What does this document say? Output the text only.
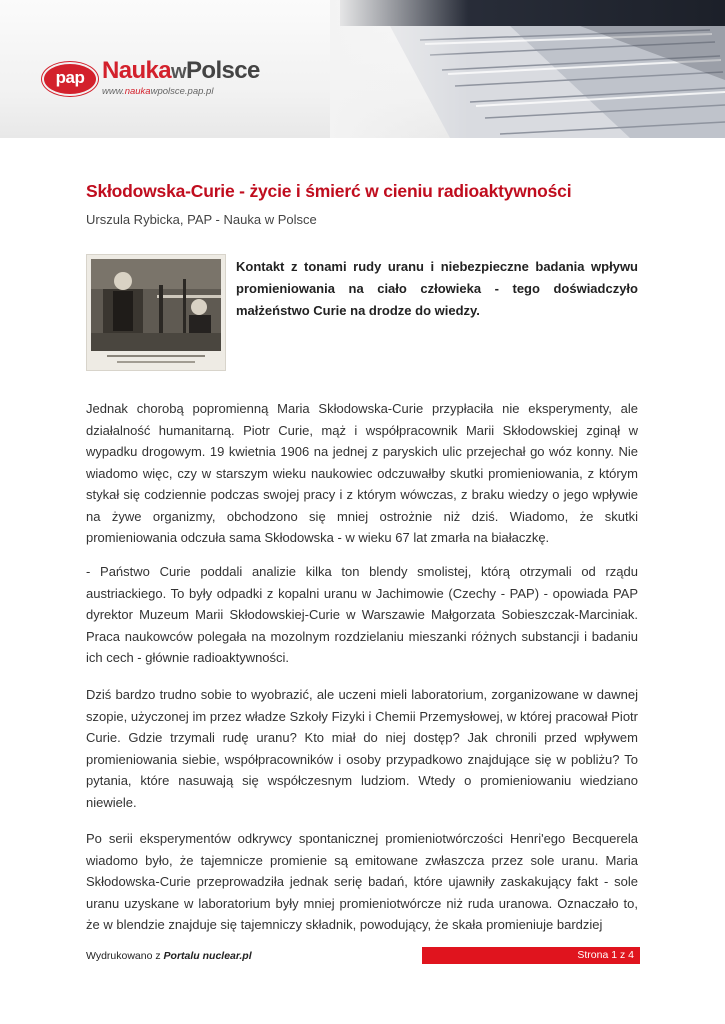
pap NaukawPolsce
www.naukawpolsce.pap.pl
Skłodowska-Curie - życie i śmierć w cieniu radioaktywności
Urszula Rybicka, PAP - Nauka w Polsce

Kontakt z tonami rudy uranu i niebezpieczne badania wpływu promieniowania na ciało człowieka - tego doświadczyło małżeństwo Curie na drodze do wiedzy.

Jednak chorobą popromienną Maria Skłodowska-Curie przypłaciła nie eksperymenty, ale działalność humanitarną. Piotr Curie, mąż i współpracownik Marii Skłodowskiej zginął w wypadku drogowym. 19 kwietnia 1906 na jednej z paryskich ulic przejechał go wóz konny. Nie wiadomo więc, czy w starszym wieku naukowiec odczuwałby skutki promieniowania, z którym stykał się codziennie podczas swojej pracy i z którym wówczas, z braku wiedzy o jego wpływie na żywe organizmy, obchodzono się mniej ostrożnie niż dziś. Wiadomo, że skutki promieniowania odczuła sama Skłodowska - w wieku 67 lat zmarła na białaczkę.

- Państwo Curie poddali analizie kilka ton blendy smolistej, którą otrzymali od rządu austriackiego. To były odpadki z kopalni uranu w Jachimowie (Czechy - PAP) - opowiada PAP dyrektor Muzeum Marii Skłodowskiej-Curie w Warszawie Małgorzata Sobieszczak-Marciniak. Praca naukowców polegała na mozolnym rozdzielaniu mieszanki różnych substancji i badaniu ich cech - głównie radioaktywności.

Dziś bardzo trudno sobie to wyobrazić, ale uczeni mieli laboratorium, zorganizowane w dawnej szopie, użyczonej im przez władze Szkoły Fizyki i Chemii Przemysłowej, w której pracował Piotr Curie. Gdzie trzymali rudę uranu? Kto miał do niej dostęp? Jak chronili przed wpływem promieniowania siebie, współpracowników i osoby przypadkowo znajdujące się w pobliżu? To pytania, które nasuwają się współczesnym ludziom. Wtedy o promieniowaniu wiedziano niewiele.

Po serii eksperymentów odkrywcy spontanicznej promieniotwórczości Henri'ego Becquerela wiadomo było, że tajemnicze promienie są emitowane zwłaszcza przez sole uranu. Maria Skłodowska-Curie przeprowadziła jednak serię badań, które ujawniły zaskakujący fakt - sole uranu uzyskane w laboratorium były mniej promieniotwórcze niż ruda uranowa. Oznaczało to, że w blendzie znajduje się tajemniczy składnik, powodujący, że skała promieniuje bardziej

Wydrukowano z Portalu nuclear.pl	Strona 1 z 4
